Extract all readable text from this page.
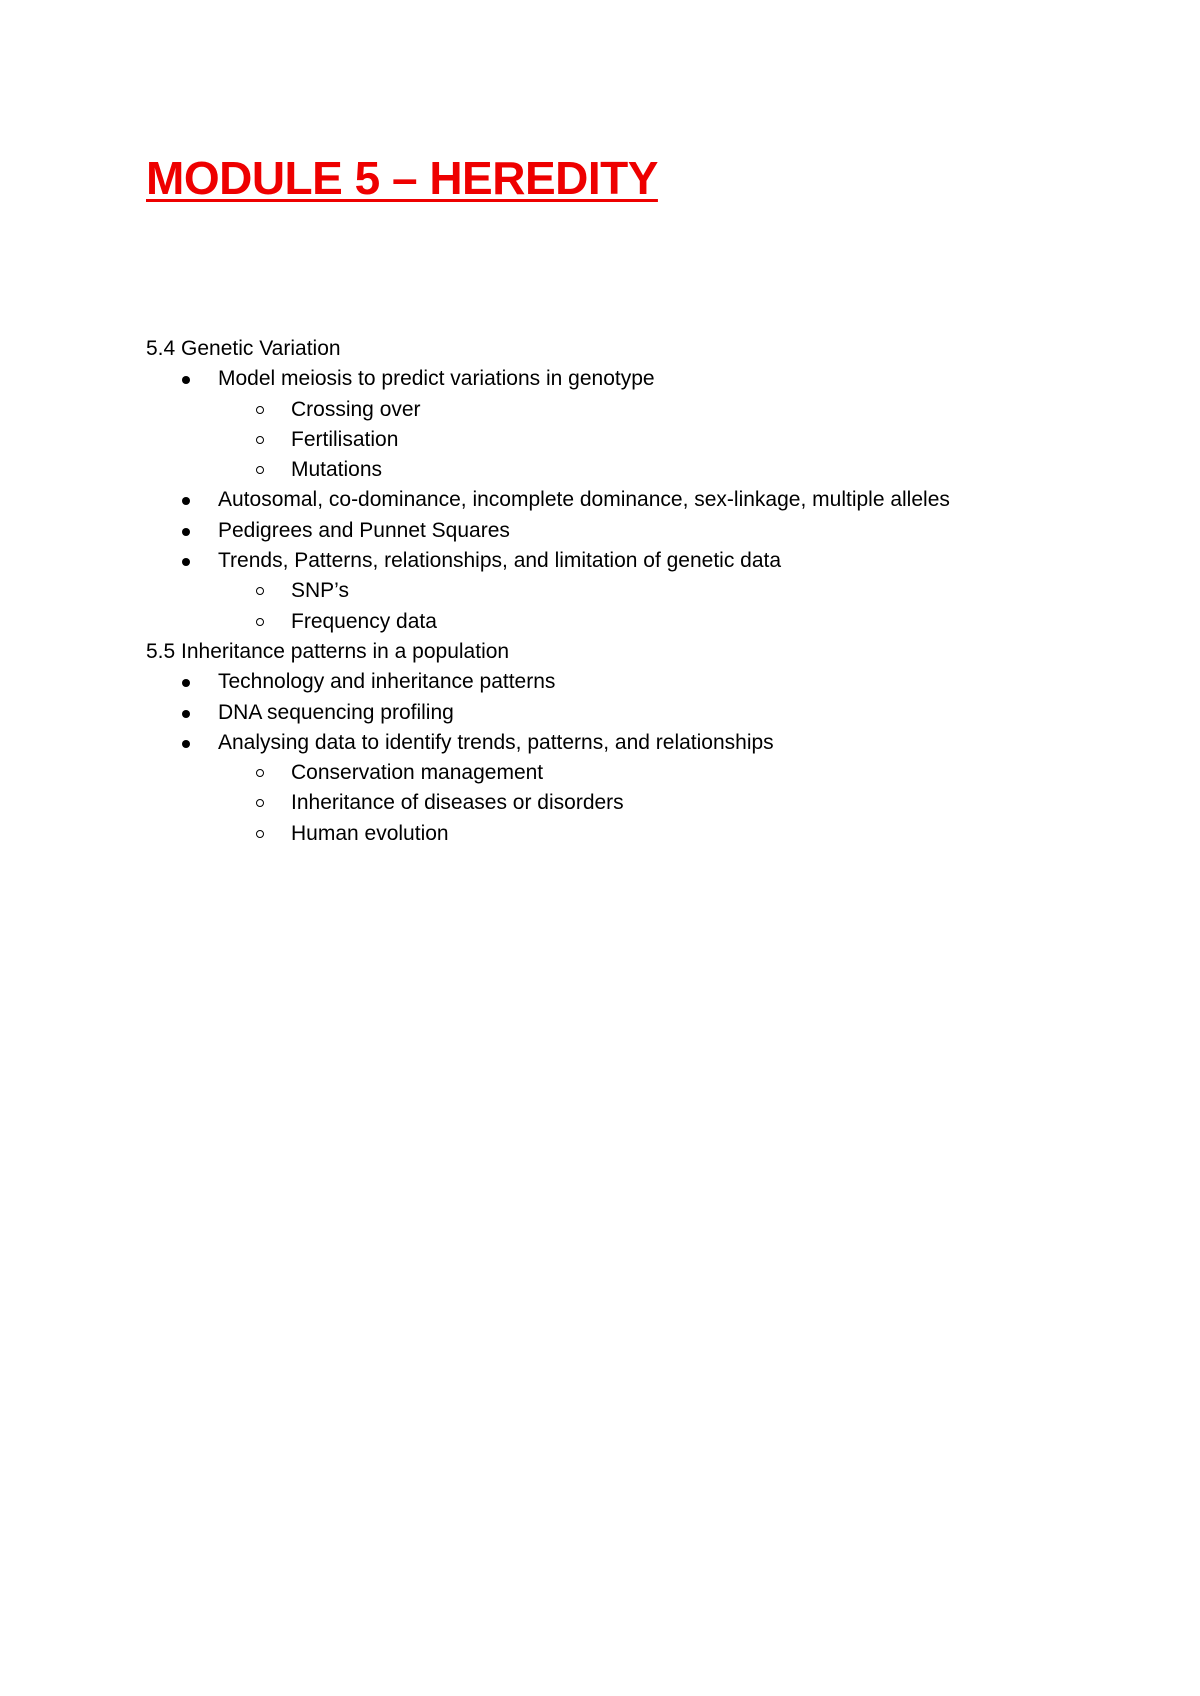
MODULE 5 – HEREDITY
5.4 Genetic Variation
Model meiosis to predict variations in genotype
Crossing over
Fertilisation
Mutations
Autosomal, co-dominance, incomplete dominance, sex-linkage, multiple alleles
Pedigrees and Punnet Squares
Trends, Patterns, relationships, and limitation of genetic data
SNP’s
Frequency data
5.5 Inheritance patterns in a population
Technology and inheritance patterns
DNA sequencing profiling
Analysing data to identify trends, patterns, and relationships
Conservation management
Inheritance of diseases or disorders
Human evolution
